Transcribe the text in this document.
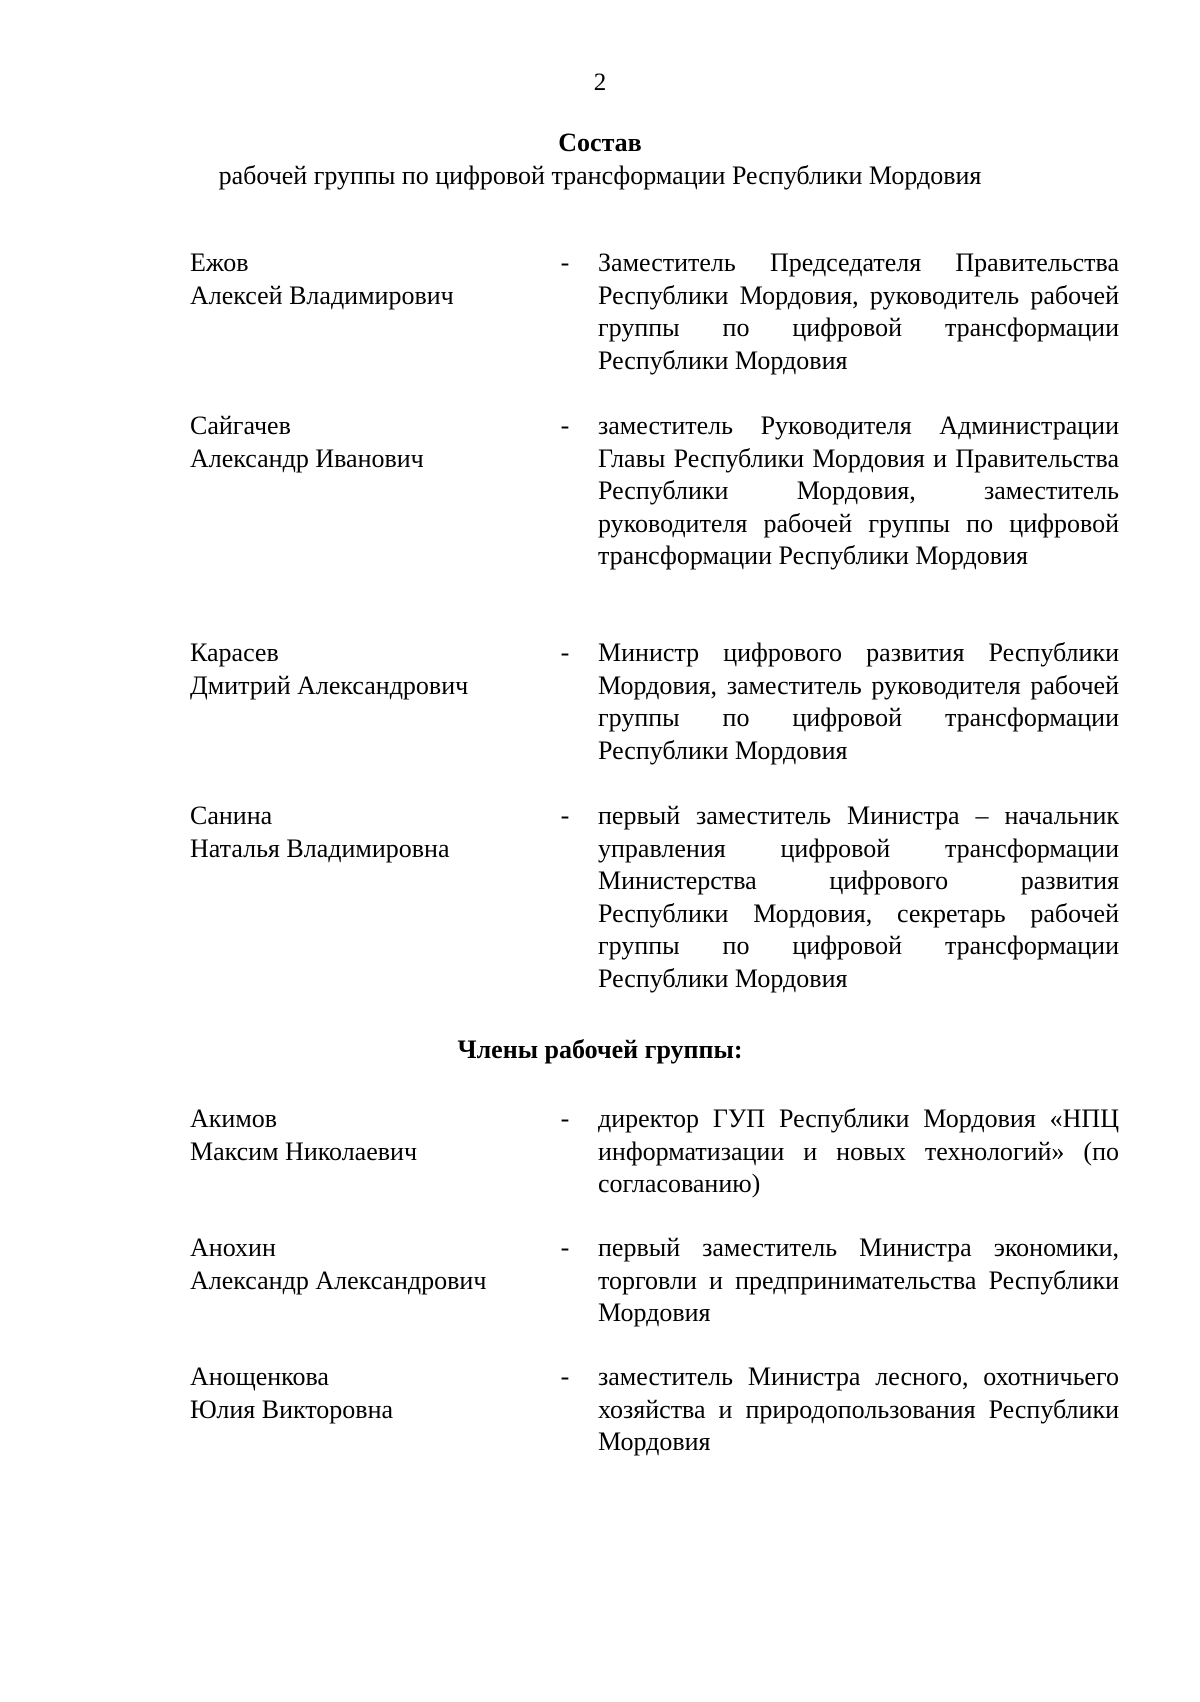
2
Состав
рабочей группы по цифровой трансформации Республики Мордовия
Ежов
Алексей Владимирович
- Заместитель Председателя Правительства Республики Мордовия, руководитель рабочей группы по цифровой трансформации Республики Мордовия
Сайгачев
Александр Иванович
- заместитель Руководителя Администрации Главы Республики Мордовия и Правительства Республики Мордовия, заместитель руководителя рабочей группы по цифровой трансформации Республики Мордовия
Карасев
Дмитрий Александрович
- Министр цифрового развития Республики Мордовия, заместитель руководителя рабочей группы по цифровой трансформации Республики Мордовия
Санина
Наталья Владимировна
- первый заместитель Министра – начальник управления цифровой трансформации Министерства цифрового развития Республики Мордовия, секретарь рабочей группы по цифровой трансформации Республики Мордовия
Члены рабочей группы:
Акимов
Максим Николаевич
- директор ГУП Республики Мордовия «НПЦ информатизации и новых технологий» (по согласованию)
Анохин
Александр Александрович
- первый заместитель Министра экономики, торговли и предпринимательства Республики Мордовия
Анощенкова
Юлия Викторовна
- заместитель Министра лесного, охотничьего хозяйства и природопользования Республики Мордовия
